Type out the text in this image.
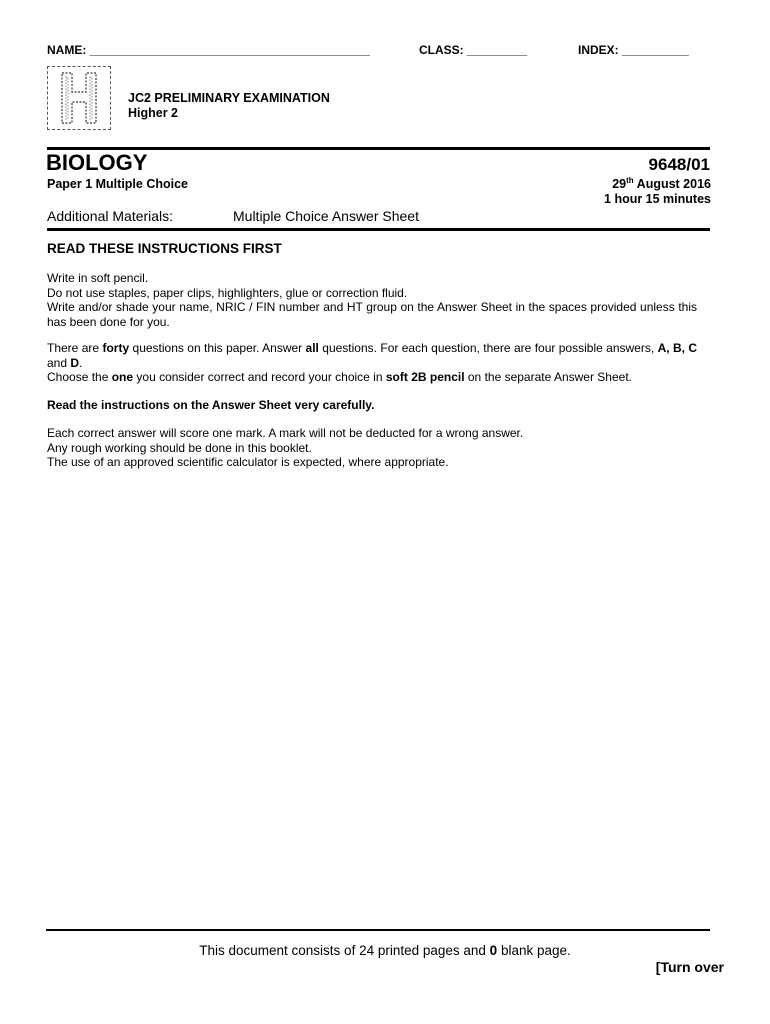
NAME: __________________________________________	CLASS: _________	INDEX: __________
JC2 PRELIMINARY EXAMINATION
Higher 2
BIOLOGY	9648/01
Paper 1 Multiple Choice	29th August 2016
1 hour 15 minutes
Additional Materials:	Multiple Choice Answer Sheet
READ THESE INSTRUCTIONS FIRST
Write in soft pencil.
Do not use staples, paper clips, highlighters, glue or correction fluid.
Write and/or shade your name, NRIC / FIN number and HT group on the Answer Sheet in the spaces provided unless this has been done for you.
There are forty questions on this paper. Answer all questions. For each question, there are four possible answers, A, B, C and D.
Choose the one you consider correct and record your choice in soft 2B pencil on the separate Answer Sheet.
Read the instructions on the Answer Sheet very carefully.
Each correct answer will score one mark. A mark will not be deducted for a wrong answer.
Any rough working should be done in this booklet.
The use of an approved scientific calculator is expected, where appropriate.
This document consists of 24 printed pages and 0 blank page.
[Turn over
